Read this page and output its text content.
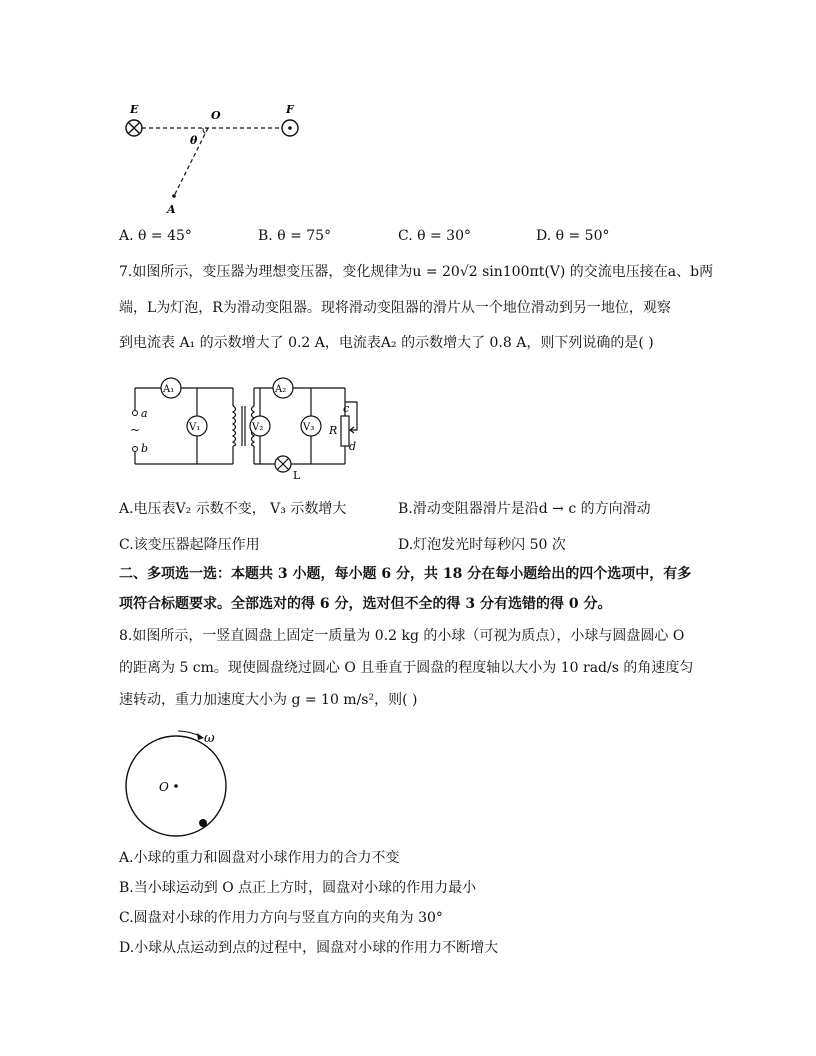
E	O	F
θ
A
A. θ = 45°	B. θ = 75°	C. θ = 30°	D. θ = 50°
7.如图所示，变压器为理想变压器，变化规律为u = 20√2 sin100πt(V) 的交流电压接在a、b两
端，L为灯泡，R为滑动变阻器。现将滑动变阻器的滑片从一个地位滑动到另一地位，观察
到电流表 A₁ 的示数增大了 0.2 A，电流表A₂ 的示数增大了 0.8 A，则下列说确的是( )
A₁
V₁
A₂
V₂	V₃
a
~
b
c
R
d
L
A.电压表V₂ 示数不变， V₃ 示数增大	B.滑动变阻器滑片是沿d → c 的方向滑动
C.该变压器起降压作用	D.灯泡发光时每秒闪 50 次
二、多项选一选：本题共 3 小题，每小题 6 分，共 18 分在每小题给出的四个选项中，有多
项符合标题要求。全部选对的得 6 分，选对但不全的得 3 分有选错的得 0 分。
8.如图所示，一竖直圆盘上固定一质量为 0.2 kg 的小球（可视为质点），小球与圆盘圆心 O
的距离为 5 cm。现使圆盘绕过圆心 O 且垂直于圆盘的程度轴以大小为 10 rad/s 的角速度匀
速转动，重力加速度大小为 g = 10 m/s²，则( )
ω
O
A.小球的重力和圆盘对小球作用力的合力不变
B.当小球运动到 O 点正上方时，圆盘对小球的作用力最小
C.圆盘对小球的作用力方向与竖直方向的夹角为 30°
D.小球从点运动到点的过程中，圆盘对小球的作用力不断增大
